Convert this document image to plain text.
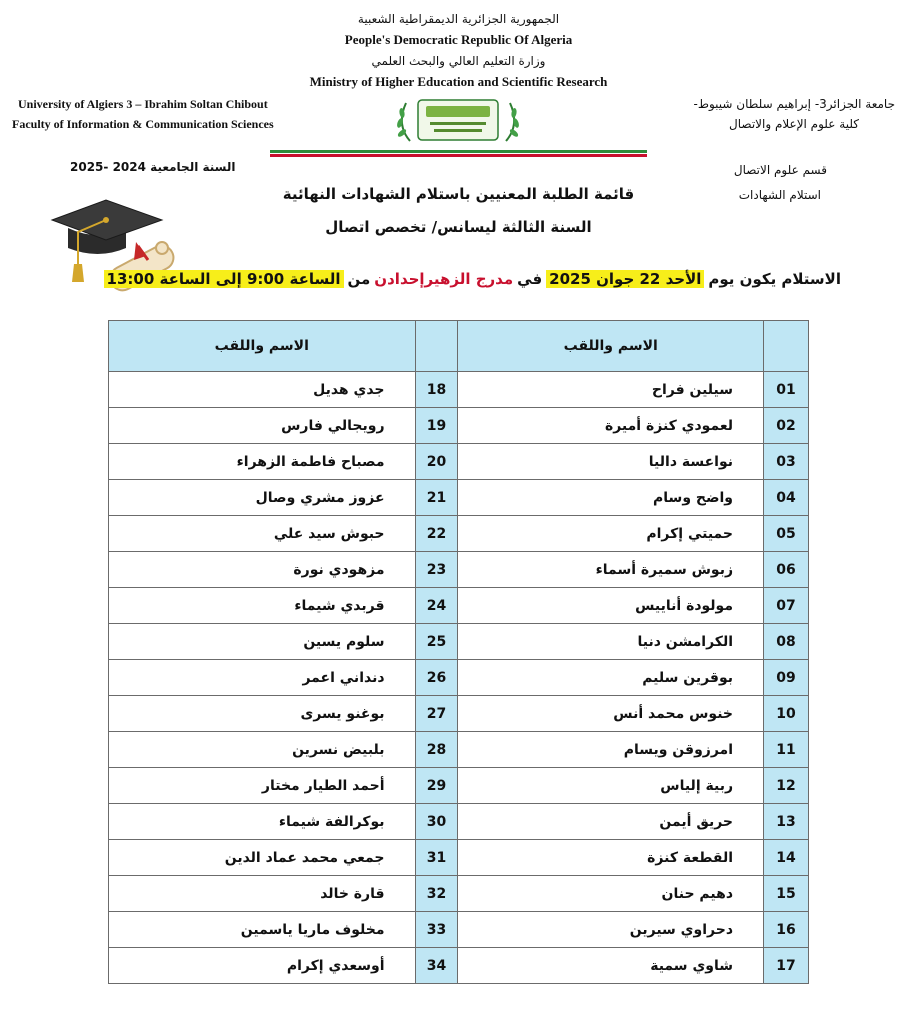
الجمهورية الجزائرية الديمقراطية الشعبية
People's Democratic Republic Of Algeria
وزارة التعليم العالي والبحث العلمي
Ministry of Higher Education and Scientific Research
University of Algiers 3 – Ibrahim Soltan Chibout
Faculty of Information & Communication Sciences
جامعة الجزائر3- إبراهيم سلطان شيبوط-
كلية علوم الإعلام والاتصال
السنة الجامعية 2024 -2025	قسم علوم الاتصال
استلام الشهادات
قائمة الطلبة المعنيين باستلام الشهادات النهائية
السنة الثالثة ليسانس/ تخصص اتصال
الاستلام يكون يوم
الأحد 22 جوان 2025
في
مدرج الزهيرإحدادن
من
الساعة 9:00 إلى الساعة 13:00
الاسم واللقب		الاسم واللقب	
جدي هديل	18	سيلين فراح	01
رويجالي فارس	19	لعمودي كنزة أميرة	02
مصباح فاطمة الزهراء	20	نواعسة داليا	03
عزوز مشري وصال	21	واضح وسام	04
حبوش سيد علي	22	حميتي إكرام	05
مزهودي نورة	23	زبوش سميرة أسماء	06
قربدي شيماء	24	مولودة أناييس	07
سلوم يسين	25	الكرامشن دنيا	08
دنداني اعمر	26	بوقرين سليم	09
بوغنو يسرى	27	خنوس محمد أنس	10
بلبيض نسرين	28	امرزوقن ويسام	11
أحمد الطيار مختار	29	ربية إلياس	12
بوكرالفة شيماء	30	حريق أيمن	13
جمعي محمد عماد الدين	31	القطعة كنزة	14
قارة خالد	32	دهيم حنان	15
مخلوف ماريا ياسمين	33	دحراوي سيرين	16
أوسعدي إكرام	34	شاوي سمية	17
